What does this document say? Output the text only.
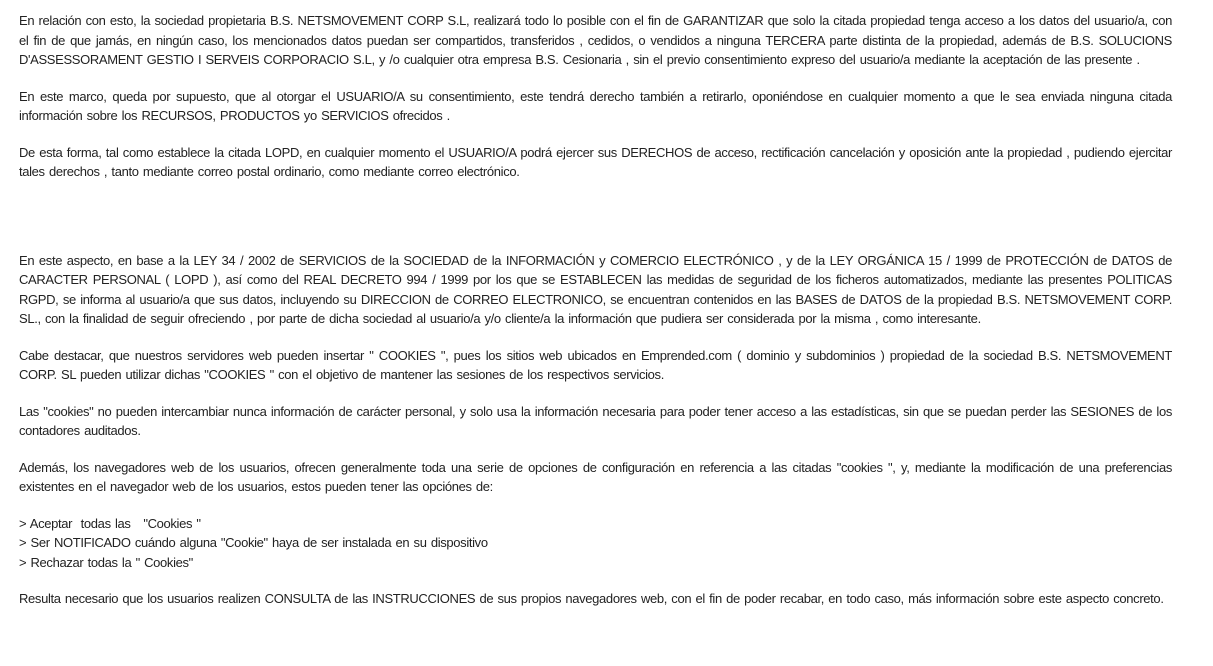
En relación con esto, la sociedad propietaria B.S. NETSMOVEMENT CORP S.L, realizará todo lo posible con el fin de GARANTIZAR que solo la citada propiedad tenga acceso a los datos del usuario/a, con el fin de que jamás, en ningún caso, los mencionados datos puedan ser compartidos, transferidos , cedidos, o vendidos a ninguna TERCERA parte distinta de la propiedad, además de B.S. SOLUCIONS D'ASSESSORAMENT GESTIO I SERVEIS CORPORACIO S.L, y /o cualquier otra empresa B.S. Cesionaria , sin el previo consentimiento expreso del usuario/a mediante la aceptación de las presente .

En este marco, queda por supuesto, que al otorgar el USUARIO/A su consentimiento, este tendrá derecho también a retirarlo, oponiéndose en cualquier momento a que le sea enviada ninguna citada información sobre los RECURSOS, PRODUCTOS yo SERVICIOS ofrecidos .

De esta forma, tal como establece la citada LOPD, en cualquier momento el USUARIO/A podrá ejercer sus DERECHOS de acceso, rectificación cancelación y oposición ante la propiedad , pudiendo ejercitar tales derechos , tanto mediante correo postal ordinario, como mediante correo electrónico.

En este aspecto, en base a la LEY 34 / 2002 de SERVICIOS de la SOCIEDAD de la INFORMACIÓN y COMERCIO ELECTRÓNICO , y de la LEY ORGÁNICA 15 / 1999 de PROTECCIÓN de DATOS de CARACTER PERSONAL ( LOPD ), así como del REAL DECRETO 994 / 1999 por los que se ESTABLECEN las medidas de seguridad de los ficheros automatizados, mediante las presentes POLITICAS RGPD, se informa al usuario/a que sus datos, incluyendo su DIRECCION de CORREO ELECTRONICO, se encuentran contenidos en las BASES de DATOS de la propiedad B.S. NETSMOVEMENT CORP. SL., con la finalidad de seguir ofreciendo , por parte de dicha sociedad al usuario/a y/o cliente/a la información que pudiera ser considerada por la misma , como interesante.

Cabe destacar, que nuestros servidores web pueden insertar " COOKIES ", pues los sitios web ubicados en Emprended.com ( dominio y subdominios ) propiedad de la sociedad B.S. NETSMOVEMENT CORP. SL pueden utilizar dichas "COOKIES " con el objetivo de mantener las sesiones de los respectivos servicios.

Las "cookies" no pueden intercambiar nunca información de carácter personal, y solo usa la información necesaria para poder tener acceso a las estadísticas, sin que se puedan perder las SESIONES de los contadores auditados.

Además, los navegadores web de los usuarios, ofrecen generalmente toda una serie de opciones de configuración en referencia a las citadas "cookies ", y, mediante la modificación de una preferencias existentes en el navegador web de los usuarios, estos pueden tener las opciónes de:

> Aceptar  todas las   "Cookies "
> Ser NOTIFICADO cuándo alguna "Cookie" haya de ser instalada en su dispositivo
> Rechazar todas la " Cookies"

Resulta necesario que los usuarios realizen CONSULTA de las INSTRUCCIONES de sus propios navegadores web, con el fin de poder recabar, en todo caso, más información sobre este aspecto concreto.
